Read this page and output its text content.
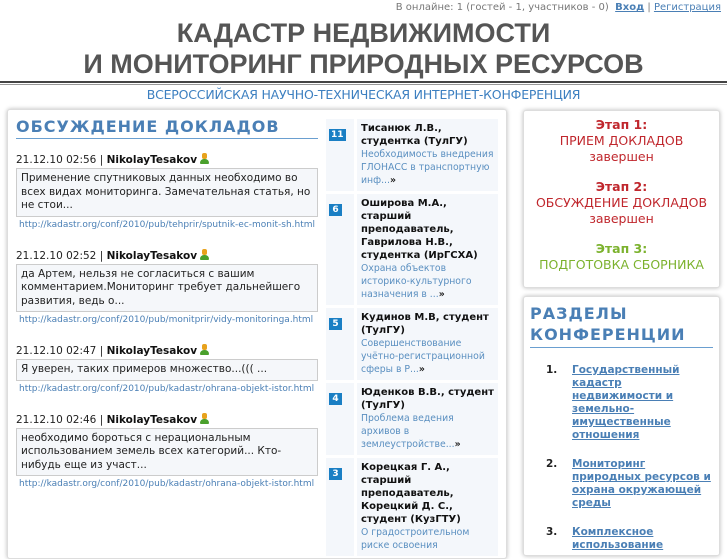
В онлайне: 1 (гостей - 1, участников - 0) Вход | Регистрация
КАДАСТР НЕДВИЖИМОСТИ
И МОНИТОРИНГ ПРИРОДНЫХ РЕСУРСОВ
ВСЕРОССИЙСКАЯ НАУЧНО-ТЕХНИЧЕСКАЯ ИНТЕРНЕТ-КОНФЕРЕНЦИЯ
ОБСУЖДЕНИЕ ДОКЛАДОВ
21.12.10 02:56 | NikolayTesakov
Применение спутниковых данных необходимо во всех видах мониторинга. Замечательная статья, но не стои...
http://kadastr.org/conf/2010/pub/tehprir/sputnik-ec-monit-sh.html
21.12.10 02:52 | NikolayTesakov
да Артем, нельзя не согласиться с вашим комментарием.Мониторинг требует дальнейшего развития, ведь о...
http://kadastr.org/conf/2010/pub/monitprir/vidy-monitoringa.html
21.12.10 02:47 | NikolayTesakov
Я уверен, таких примеров множество...((( ...
http://kadastr.org/conf/2010/pub/kadastr/ohrana-objekt-istor.html
21.12.10 02:46 | NikolayTesakov
необходимо бороться с нерациональным использованием земель всех категорий... Кто-нибудь еще из участ...
http://kadastr.org/conf/2010/pub/kadastr/ohrana-objekt-istor.html
11
Тисанюк Л.В., студентка (ТулГУ)
Необходимость внедрения ГЛОНАСС в транспортную инф...»
6
Оширова М.А., старший преподаватель, Гаврилова Н.В., студентка (ИрГСХА)
Охрана объектов историко-культурного назначения в ...»
5
Кудинов М.В, студент (ТулГУ)
Совершенствование учётно-регистрационной сферы в Р...»
4
Юденков В.В., студент (ТулГУ)
Проблема ведения архивов в землеустройстве...»
3
Корецкая Г. А., старший преподаватель, Корецкий Д. С., студент (КузГТУ)
О градостроительном риске освоения
Этап 1:
ПРИЕМ ДОКЛАДОВ
завершен
Этап 2:
ОБСУЖДЕНИЕ ДОКЛАДОВ
завершен
Этап 3:
ПОДГОТОВКА СБОРНИКА
РАЗДЕЛЫ КОНФЕРЕНЦИИ
1.	Государственный кадастр недвижимости и земельно-имущественные отношения
2.	Мониторинг природных ресурсов и охрана окружающей среды
3.	Комплексное использование
